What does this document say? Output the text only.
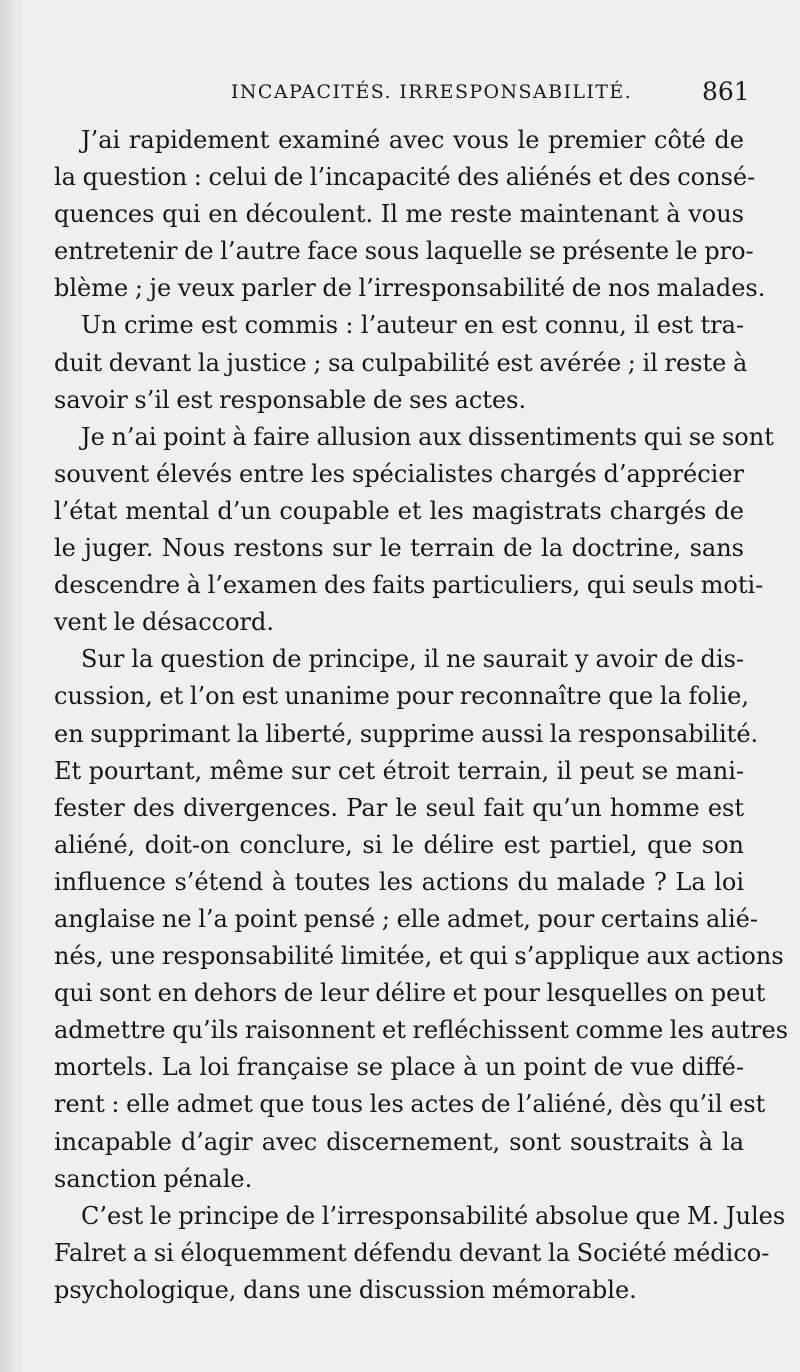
INCAPACITÉS. IRRESPONSABILITÉ.	861
J’ai rapidement examiné avec vous le premier côté de
la question : celui de l’incapacité des aliénés et des consé-
quences qui en découlent. Il me reste maintenant à vous
entretenir de l’autre face sous laquelle se présente le pro-
blème ; je veux parler de l’irresponsabilité de nos malades.
Un crime est commis : l’auteur en est connu, il est tra-
duit devant la justice ; sa culpabilité est avérée ; il reste à
savoir s’il est responsable de ses actes.
Je n’ai point à faire allusion aux dissentiments qui se sont
souvent élevés entre les spécialistes chargés d’apprécier
l’état mental d’un coupable et les magistrats chargés de
le juger. Nous restons sur le terrain de la doctrine, sans
descendre à l’examen des faits particuliers, qui seuls moti-
vent le désaccord.
Sur la question de principe, il ne saurait y avoir de dis-
cussion, et l’on est unanime pour reconnaître que la folie,
en supprimant la liberté, supprime aussi la responsabilité.
Et pourtant, même sur cet étroit terrain, il peut se mani-
fester des divergences. Par le seul fait qu’un homme est
aliéné, doit-on conclure, si le délire est partiel, que son
influence s’étend à toutes les actions du malade ? La loi
anglaise ne l’a point pensé ; elle admet, pour certains alié-
nés, une responsabilité limitée, et qui s’applique aux actions
qui sont en dehors de leur délire et pour lesquelles on peut
admettre qu’ils raisonnent et refléchissent comme les autres
mortels. La loi française se place à un point de vue diffé-
rent : elle admet que tous les actes de l’aliéné, dès qu’il est
incapable d’agir avec discernement, sont soustraits à la
sanction pénale.
C’est le principe de l’irresponsabilité absolue que M. Jules
Falret a si éloquemment défendu devant la Société médico-
psychologique, dans une discussion mémorable.
